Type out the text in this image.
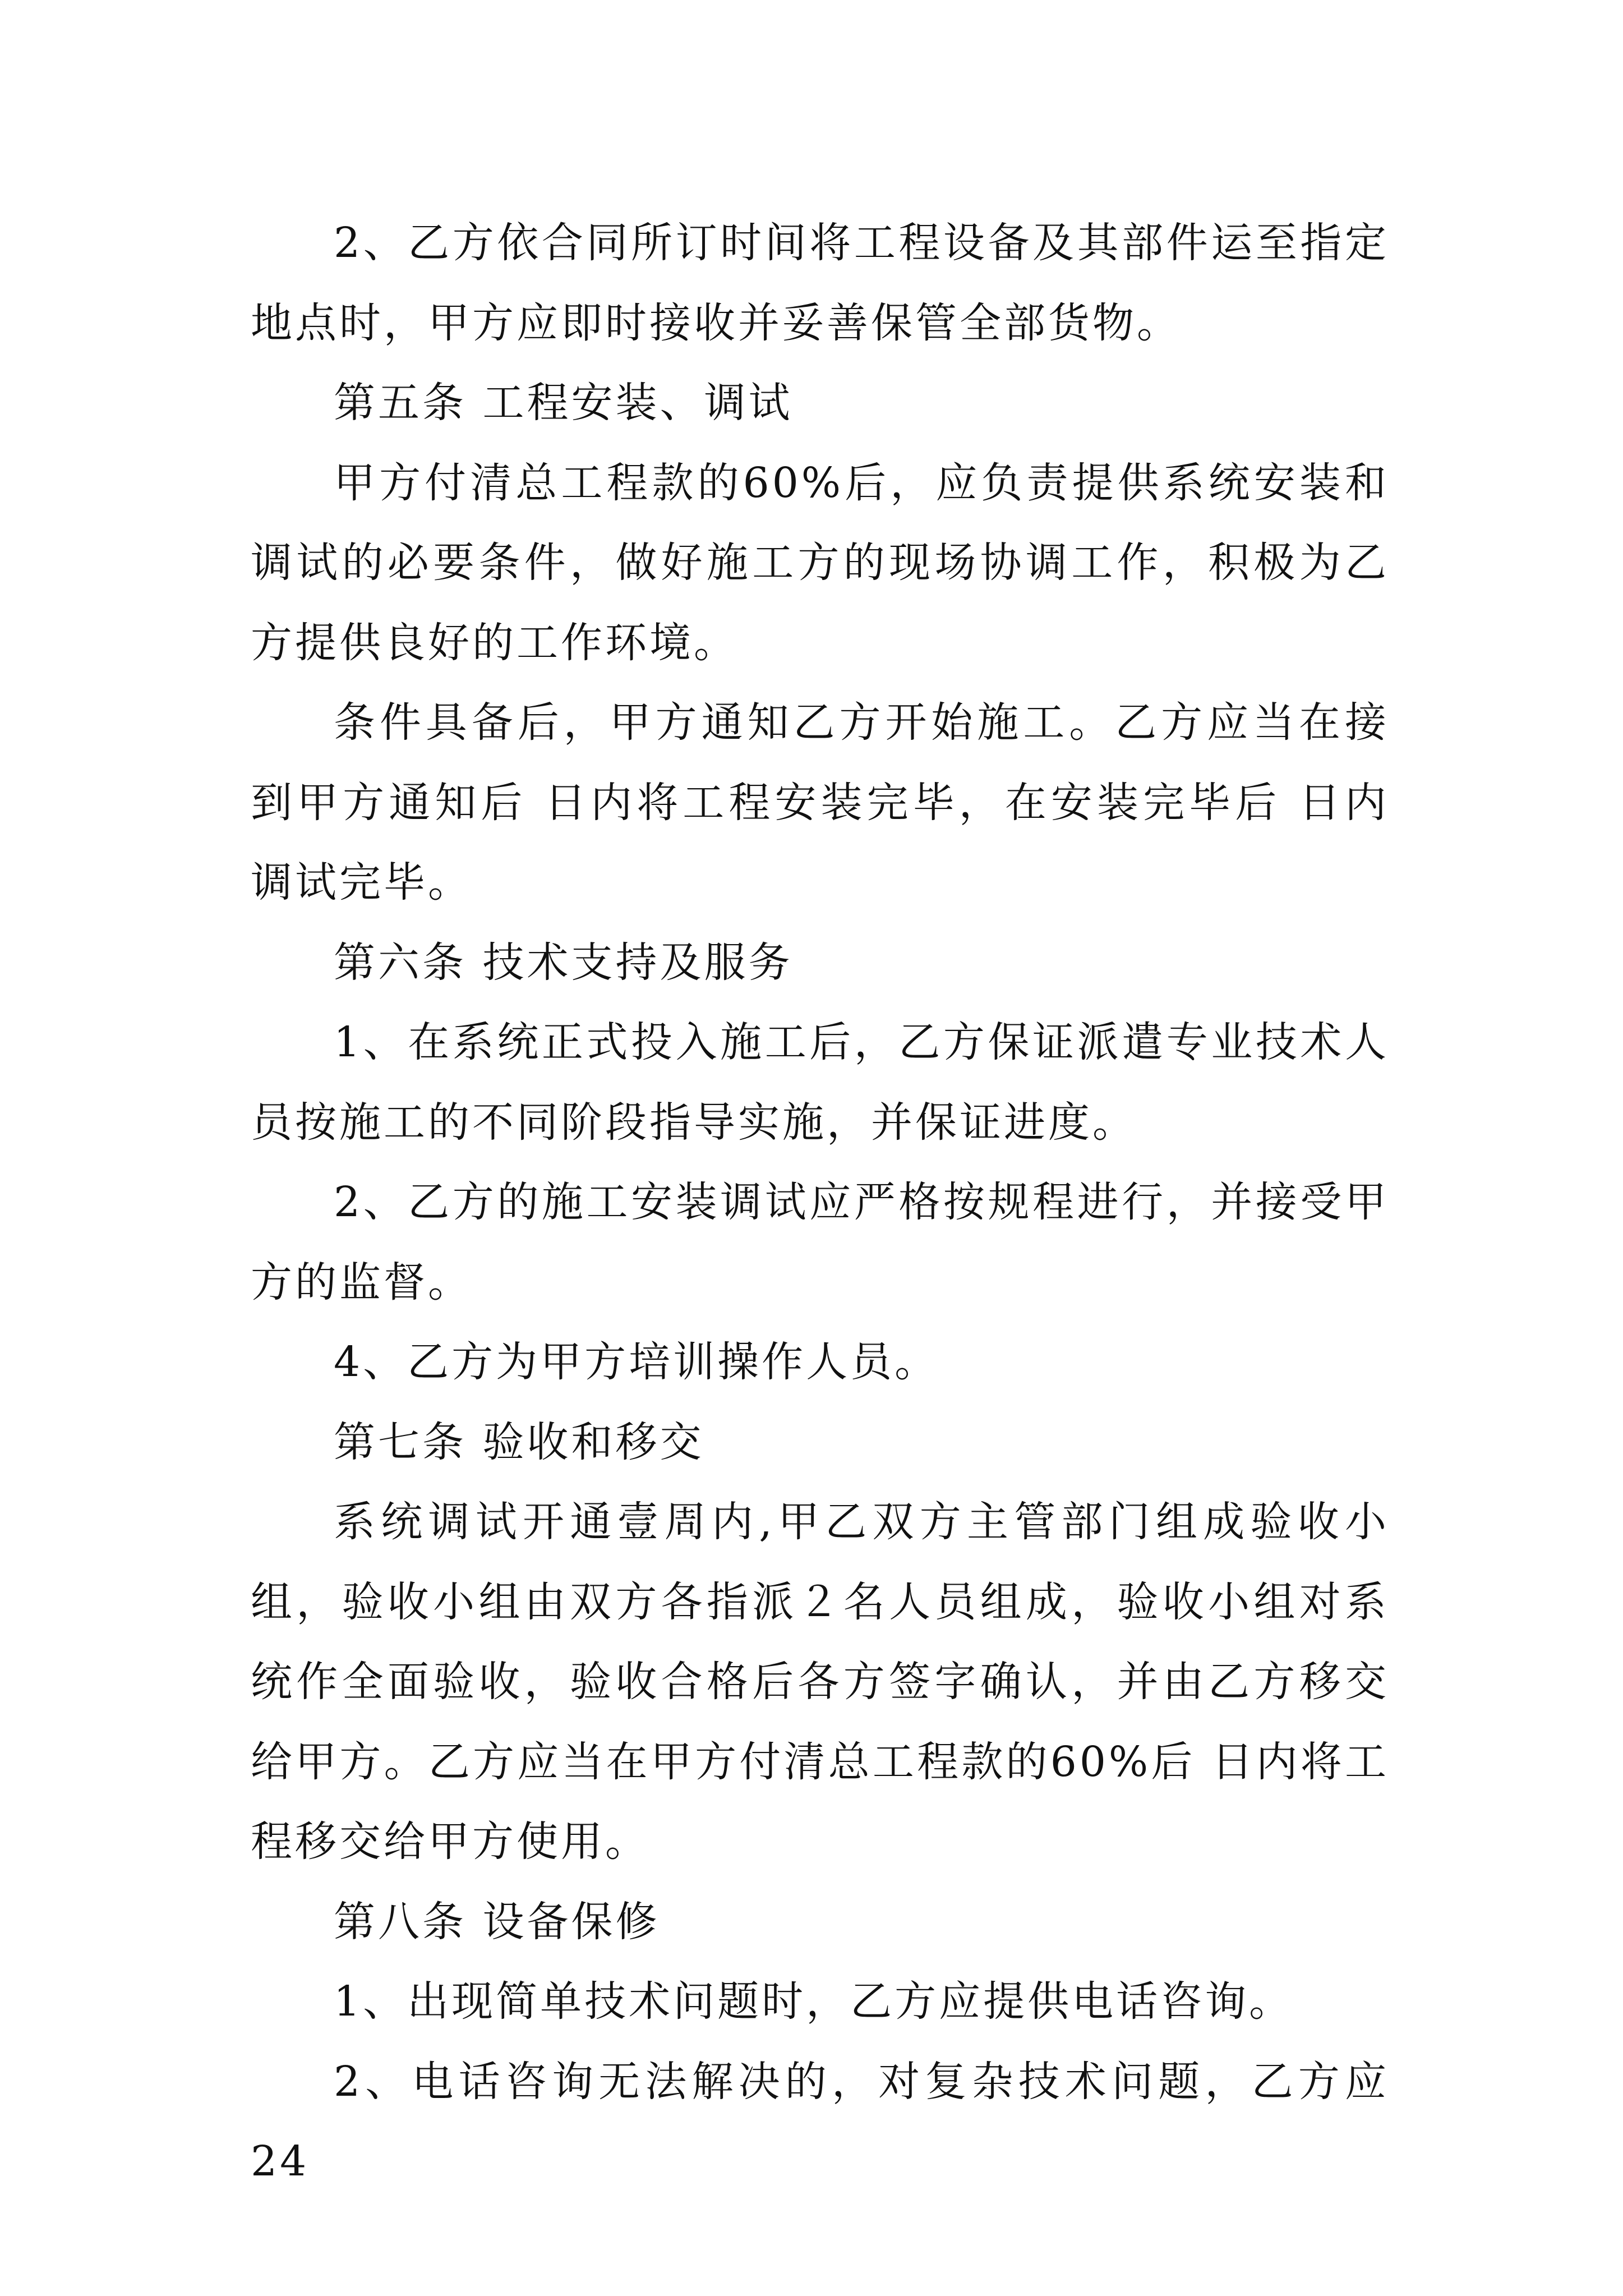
2、乙方依合同所订时间将工程设备及其部件运至指定地点时，甲方应即时接收并妥善保管全部货物。

第五条 工程安装、调试

甲方付清总工程款的60%后，应负责提供系统安装和调试的必要条件，做好施工方的现场协调工作，积极为乙方提供良好的工作环境。

条件具备后，甲方通知乙方开始施工。乙方应当在接到甲方通知后 日内将工程安装完毕，在安装完毕后 日内调试完毕。

第六条 技术支持及服务

1、在系统正式投入施工后，乙方保证派遣专业技术人员按施工的不同阶段指导实施，并保证进度。

2、乙方的施工安装调试应严格按规程进行，并接受甲方的监督。

4、乙方为甲方培训操作人员。

第七条 验收和移交

系统调试开通壹周内,甲乙双方主管部门组成验收小组，验收小组由双方各指派２名人员组成，验收小组对系统作全面验收，验收合格后各方签字确认，并由乙方移交给甲方。乙方应当在甲方付清总工程款的60%后 日内将工程移交给甲方使用。

第八条 设备保修

1、出现简单技术问题时，乙方应提供电话咨询。

2、电话咨询无法解决的，对复杂技术问题，乙方应24
